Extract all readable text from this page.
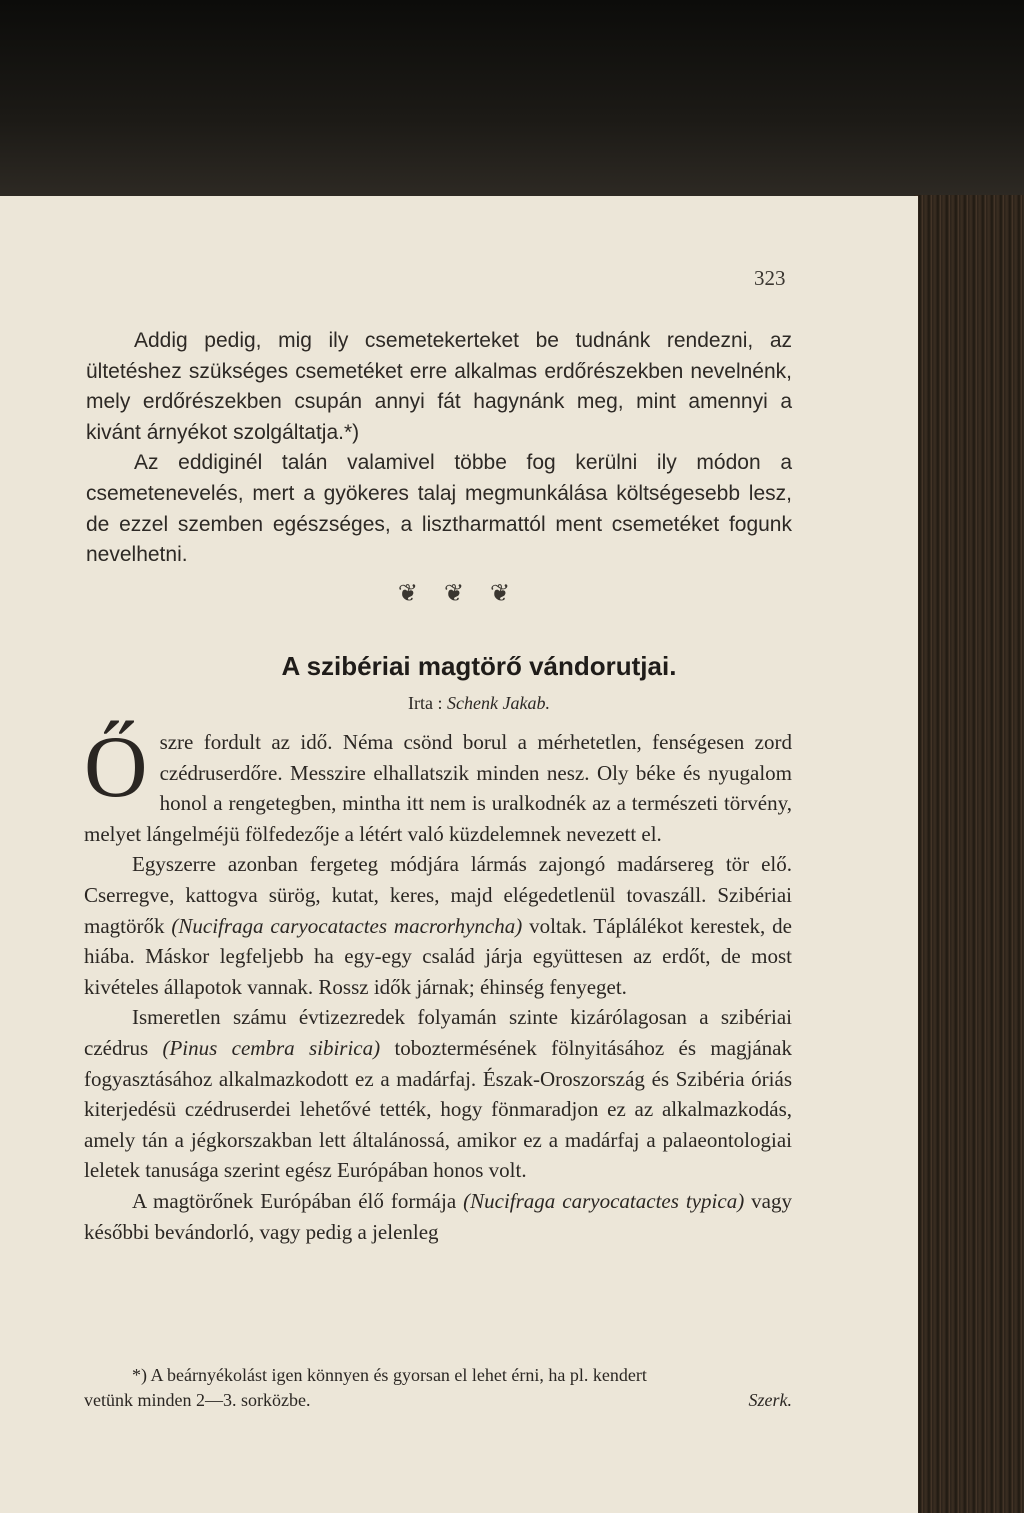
323

Addig pedig, mig ily csemetekerteket be tudnánk rendezni, az ültetéshez szükséges csemetéket erre alkalmas erdőrészekben nevelnénk, mely erdőrészekben csupán annyi fát hagynánk meg, mint amennyi a kivánt árnyékot szolgáltatja.*)

Az eddiginél talán valamivel többe fog kerülni ily módon a csemetenevelés, mert a gyökeres talaj megmunkálása költségesebb lesz, de ezzel szemben egészséges, a lisztharmattól ment csemetéket fogunk nevelhetni.

❦ ❦ ❦
A szibériai magtörő vándorutjai.
Irta : Schenk Jakab.

Őszre fordult az idő. Néma csönd borul a mérhetetlen, fenségesen zord czédruserdőre. Messzire elhallatszik minden nesz. Oly béke és nyugalom honol a rengetegben, mintha itt nem is uralkodnék az a természeti törvény, melyet lángelméjü fölfedezője a létért való küzdelemnek nevezett el.

Egyszerre azonban fergeteg módjára lármás zajongó madársereg tör elő. Cserregve, kattogva sürög, kutat, keres, majd elégedetlenül tovaszáll. Szibériai magtörők (Nucifraga caryocatactes macrorhyncha) voltak. Táplálékot kerestek, de hiába. Máskor legfeljebb ha egy-egy család járja együttesen az erdőt, de most kivételes állapotok vannak. Rossz idők járnak; éhinség fenyeget.

Ismeretlen számu évtizezredek folyamán szinte kizárólagosan a szibériai czédrus (Pinus cembra sibirica) toboztermésének fölnyitásához és magjának fogyasztásához alkalmazkodott ez a madárfaj. Észak-Oroszország és Szibéria óriás kiterjedésü czédruserdei lehetővé tették, hogy fönmaradjon ez az alkalmazkodás, amely tán a jégkorszakban lett általánossá, amikor ez a madárfaj a palaeontologiai leletek tanusága szerint egész Európában honos volt.

A magtörőnek Európában élő formája (Nucifraga caryocatactes typica) vagy későbbi bevándorló, vagy pedig a jelenleg

*) A beárnyékolást igen könnyen és gyorsan el lehet érni, ha pl. kendert

vetünk minden 2—3. sorközbe.	Szerk.
